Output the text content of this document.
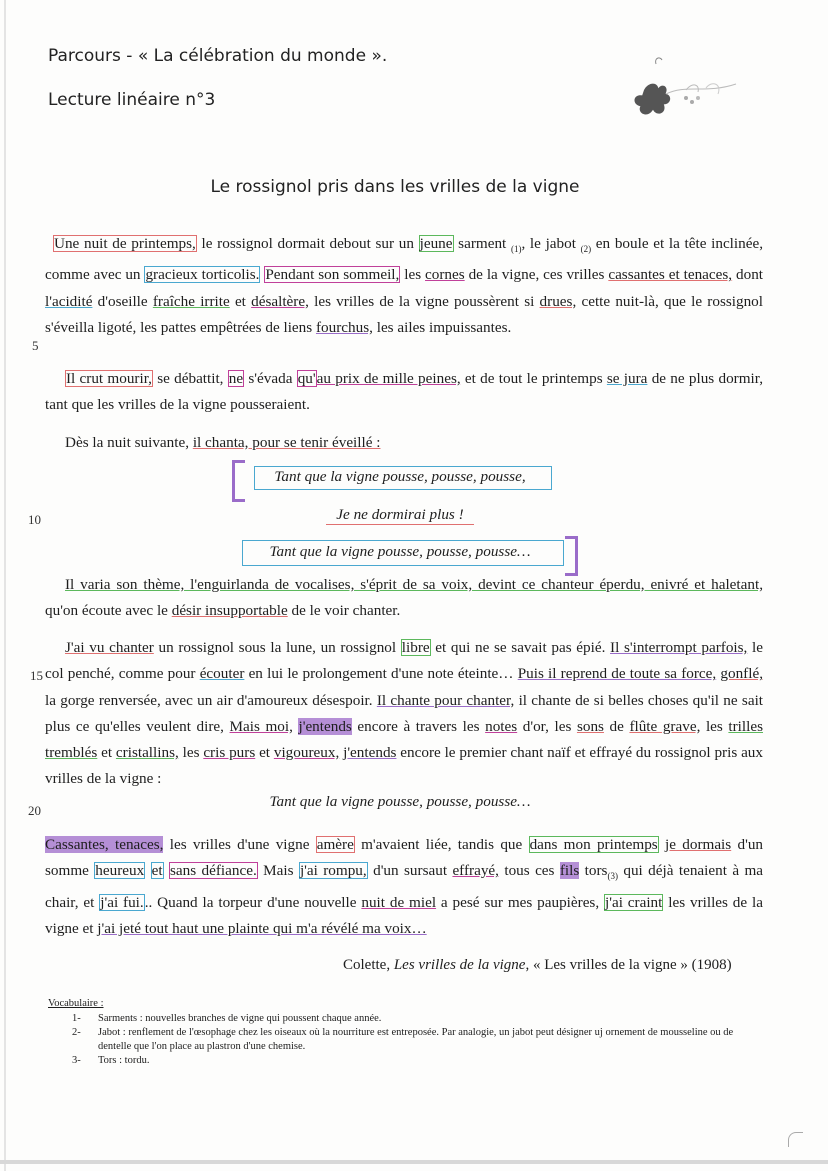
Parcours - « La célébration du monde ».
Lecture linéaire n°3
Le rossignol pris dans les vrilles de la vigne
5
10
15
20
Une nuit de printemps, le rossignol dormait debout sur un jeune sarment $_{(1)}$, le jabot $_{(2)}$ en boule et la tête inclinée, comme avec un gracieux torticolis. Pendant son sommeil, les cornes de la vigne, ces vrilles cassantes et tenaces, dont l'acidité d'oseille fraîche irrite et désaltère, les vrilles de la vigne poussèrent si drues, cette nuit-là, que le rossignol s'éveilla ligoté, les pattes empêtrées de liens fourchus, les ailes impuissantes.
Il crut mourir, se débattit, ne s'évada qu'au prix de mille peines, et de tout le printemps se jura de ne plus dormir, tant que les vrilles de la vigne pousseraient.
Dès la nuit suivante, il chanta, pour se tenir éveillé :
Tant que la vigne pousse, pousse, pousse,
Je ne dormirai plus !
Tant que la vigne pousse, pousse, pousse…
Il varia son thème, l'enguirlanda de vocalises, s'éprit de sa voix, devint ce chanteur éperdu, enivré et haletant, qu'on écoute avec le désir insupportable de le voir chanter.
J'ai vu chanter un rossignol sous la lune, un rossignol libre et qui ne se savait pas épié. Il s'interrompt parfois, le col penché, comme pour écouter en lui le prolongement d'une note éteinte… Puis il reprend de toute sa force, gonflé, la gorge renversée, avec un air d'amoureux désespoir. Il chante pour chanter, il chante de si belles choses qu'il ne sait plus ce qu'elles veulent dire, Mais moi, j'entends encore à travers les notes d'or, les sons de flûte grave, les trilles tremblés et cristallins, les cris purs et vigoureux, j'entends encore le premier chant naïf et effrayé du rossignol pris aux vrilles de la vigne :
Tant que la vigne pousse, pousse, pousse…
Cassantes, tenaces, les vrilles d'une vigne amère m'avaient liée, tandis que dans mon printemps je dormais d'un somme heureux et sans défiance. Mais j'ai rompu, d'un sursaut effrayé, tous ces fils tors$_{(3)}$ qui déjà tenaient à ma chair, et j'ai fui... Quand la torpeur d'une nouvelle nuit de miel a pesé sur mes paupières, j'ai craint les vrilles de la vigne et j'ai jeté tout haut une plainte qui m'a révélé ma voix…
Colette, Les vrilles de la vigne, « Les vrilles de la vigne » (1908)
Vocabulaire :
1- Sarments : nouvelles branches de vigne qui poussent chaque année.
2- Jabot : renflement de l'œsophage chez les oiseaux où la nourriture est entreposée. Par analogie, un jabot peut désigner uj ornement de mousseline ou de dentelle que l'on place au plastron d'une chemise.
3- Tors : tordu.
